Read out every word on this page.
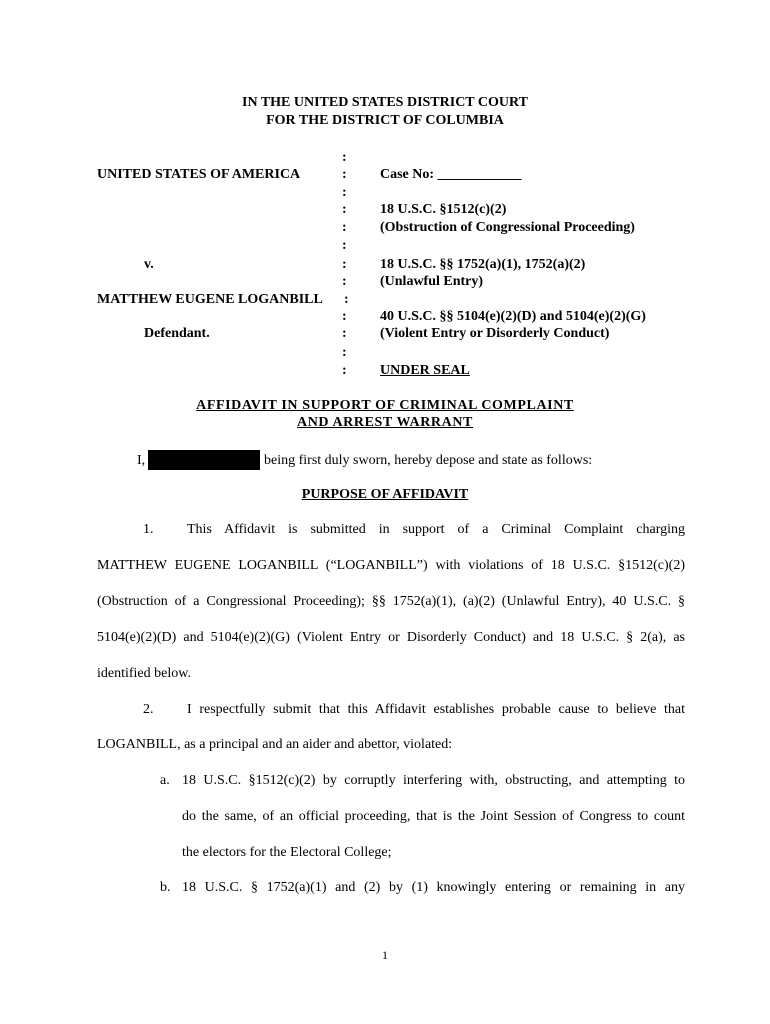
IN THE UNITED STATES DISTRICT COURT
FOR THE DISTRICT OF COLUMBIA
UNITED STATES OF AMERICA
v.
MATTHEW EUGENE LOGANBILL
Defendant.
:
:
:
:
:
:
:
:
:
:
:
:
:
Case No: ____________
18 U.S.C. §1512(c)(2)
(Obstruction of Congressional Proceeding)
18 U.S.C. §§ 1752(a)(1), 1752(a)(2)
(Unlawful Entry)
40 U.S.C. §§ 5104(e)(2)(D) and 5104(e)(2)(G)
(Violent Entry or Disorderly Conduct)
UNDER SEAL
AFFIDAVIT IN SUPPORT OF CRIMINAL COMPLAINT
AND ARREST WARRANT
I,	being first duly sworn, hereby depose and state as follows:
PURPOSE OF AFFIDAVIT
1. This Affidavit is submitted in support of a Criminal Complaint charging
MATTHEW EUGENE LOGANBILL (“LOGANBILL”) with violations of 18 U.S.C. §1512(c)(2)
(Obstruction of a Congressional Proceeding); §§ 1752(a)(1), (a)(2) (Unlawful Entry), 40 U.S.C. §
5104(e)(2)(D) and 5104(e)(2)(G) (Violent Entry or Disorderly Conduct) and 18 U.S.C. § 2(a), as
identified below.
2. I respectfully submit that this Affidavit establishes probable cause to believe that
LOGANBILL, as a principal and an aider and abettor, violated:
a. 18 U.S.C. §1512(c)(2) by corruptly interfering with, obstructing, and attempting to
do the same, of an official proceeding, that is the Joint Session of Congress to count
the electors for the Electoral College;
b. 18 U.S.C. § 1752(a)(1) and (2) by (1) knowingly entering or remaining in any
1
